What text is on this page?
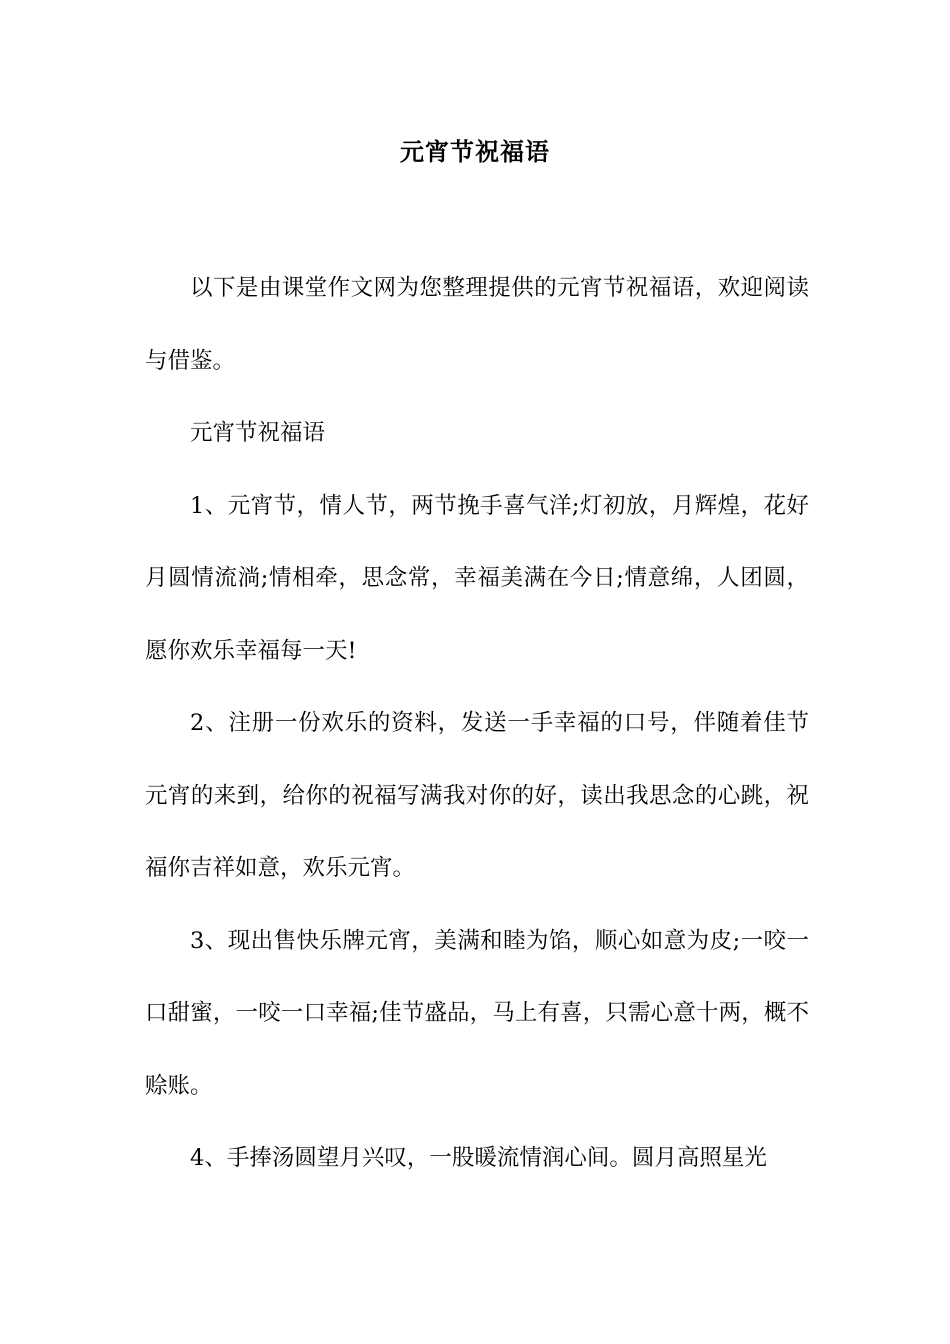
元宵节祝福语

以下是由课堂作文网为您整理提供的元宵节祝福语，欢迎阅读与借鉴。

元宵节祝福语

1、元宵节，情人节，两节挽手喜气洋;灯初放，月辉煌，花好月圆情流淌;情相牵，思念常，幸福美满在今日;情意绵，人团圆，愿你欢乐幸福每一天!

2、注册一份欢乐的资料，发送一手幸福的口号，伴随着佳节元宵的来到，给你的祝福写满我对你的好，读出我思念的心跳，祝福你吉祥如意，欢乐元宵。

3、现出售快乐牌元宵，美满和睦为馅，顺心如意为皮;一咬一口甜蜜，一咬一口幸福;佳节盛品，马上有喜，只需心意十两，概不赊账。

4、手捧汤圆望月兴叹，一股暖流情润心间。圆月高照星光
